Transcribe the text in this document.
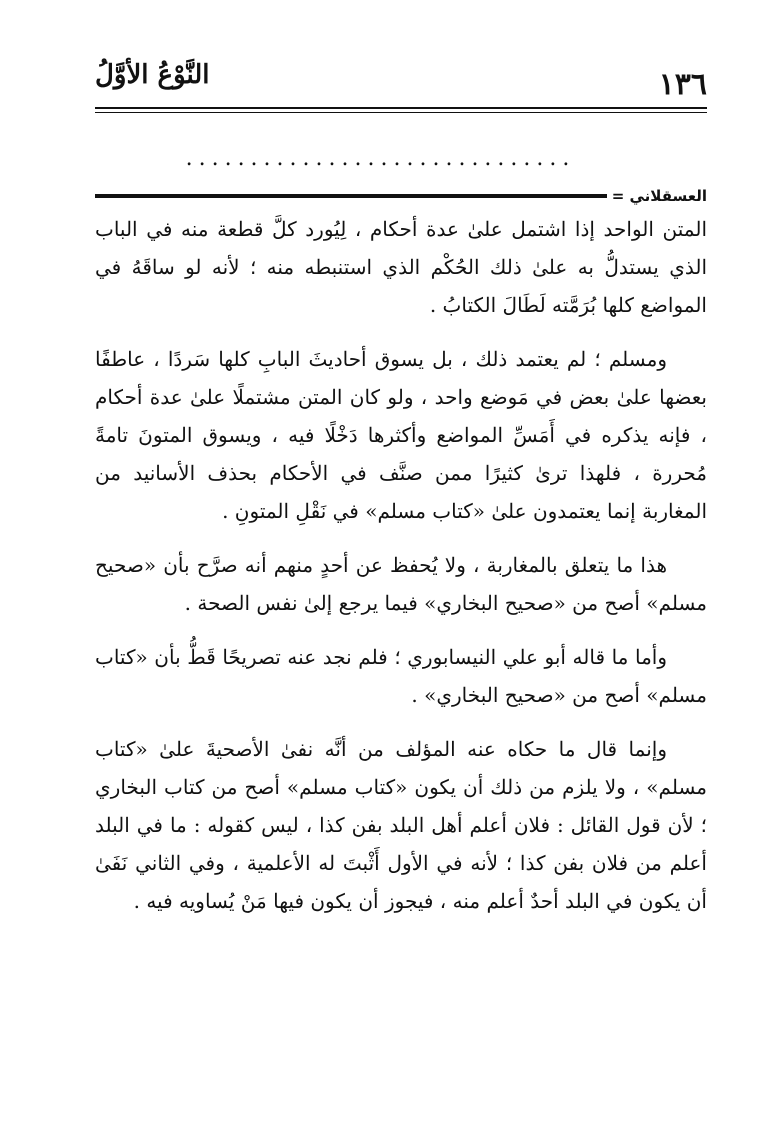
١٣٦
النَّوْعُ الأوَّلُ
..............................
العسقلاني =

المتن الواحد إذا اشتمل علىٰ عدة أحكام ، لِيُورد كلَّ قطعة منه في الباب الذي يستدلُّ به علىٰ ذلك الحُكْم الذي استنبطه منه ؛ لأنه لو ساقَهُ في المواضع كلها بُرَمَّته لَطَالَ الكتابُ .

ومسلم ؛ لم يعتمد ذلك ، بل يسوق أحاديثَ البابِ كلها سَردًا ، عاطفًا بعضها علىٰ بعض في مَوضع واحد ، ولو كان المتن مشتملًا علىٰ عدة أحكام ، فإنه يذكره في أَمَسِّ المواضع وأكثرها دَخْلًا فيه ، ويسوق المتونَ تامةً مُحررة ، فلهذا ترىٰ كثيرًا ممن صنَّف في الأحكام بحذف الأسانيد من المغاربة إنما يعتمدون علىٰ «كتاب مسلم» في نَقْلِ المتونِ .

هذا ما يتعلق بالمغاربة ، ولا يُحفظ عن أحدٍ منهم أنه صرَّح بأن «صحيح مسلم» أصح من «صحيح البخاري» فيما يرجع إلىٰ نفس الصحة .

وأما ما قاله أبو علي النيسابوري ؛ فلم نجد عنه تصريحًا قَطُّ بأن «كتاب مسلم» أصح من «صحيح البخاري» .

وإنما قال ما حكاه عنه المؤلف من أنَّه نفىٰ الأصحيةَ علىٰ «كتاب مسلم» ، ولا يلزم من ذلك أن يكون «كتاب مسلم» أصح من كتاب البخاري ؛ لأن قول القائل : فلان أعلم أهل البلد بفن كذا ، ليس كقوله : ما في البلد أعلم من فلان بفن كذا ؛ لأنه في الأول أَثْبتَ له الأعلمية ، وفي الثاني نَفَىٰ أن يكون في البلد أحدٌ أعلم منه ، فيجوز أن يكون فيها مَنْ يُساويه فيه .
